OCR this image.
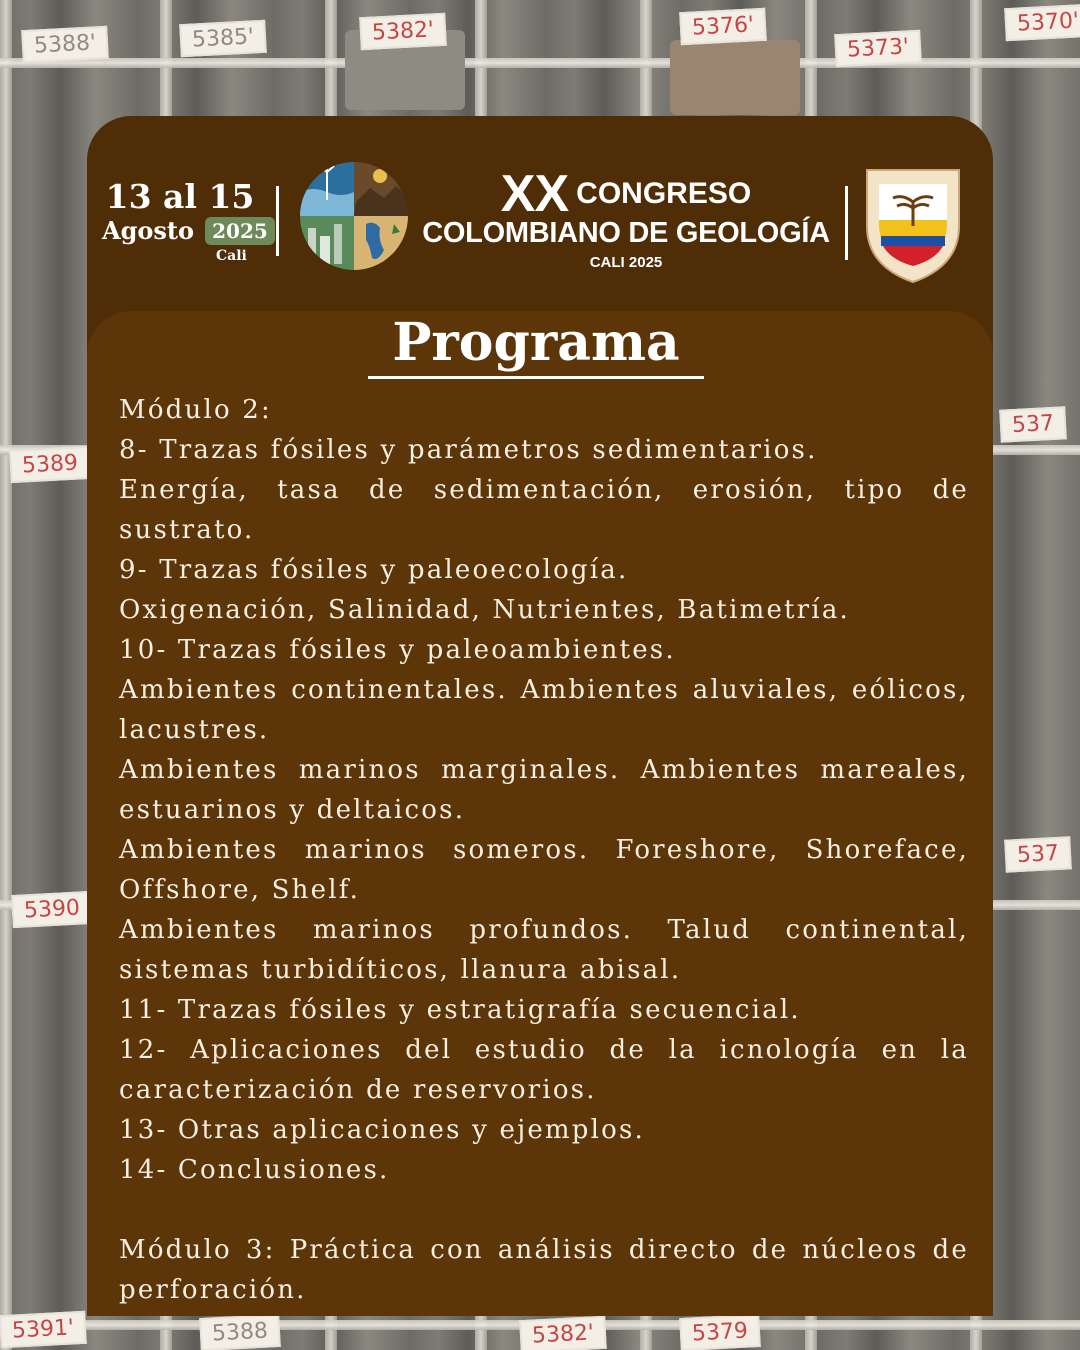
5388'	5385'	5382'	5376'
5373'
5370'
5389
537
5390
537
5391'	5388	5382'	5379
13 al 15
Agosto 2025
Cali
XX CONGRESO
COLOMBIANO DE GEOLOGÍA
CALI 2025
Programa

Módulo 2:

8- Trazas fósiles y parámetros sedimentarios.

Energía, tasa de sedimentación, erosión, tipo de sustrato.

9- Trazas fósiles y paleoecología.

Oxigenación, Salinidad, Nutrientes, Batimetría.

10- Trazas fósiles y paleoambientes.

Ambientes continentales. Ambientes aluviales, eólicos, lacustres.

Ambientes marinos marginales. Ambientes mareales, estuarinos y deltaicos.

Ambientes marinos someros. Foreshore, Shoreface, Offshore, Shelf.

Ambientes marinos profundos. Talud continental, sistemas turbidíticos, llanura abisal.

11- Trazas fósiles y estratigrafía secuencial.

12- Aplicaciones del estudio de la icnología en la caracterización de reservorios.

13- Otras aplicaciones y ejemplos.

14- Conclusiones.

Módulo 3: Práctica con análisis directo de núcleos de perforación.
